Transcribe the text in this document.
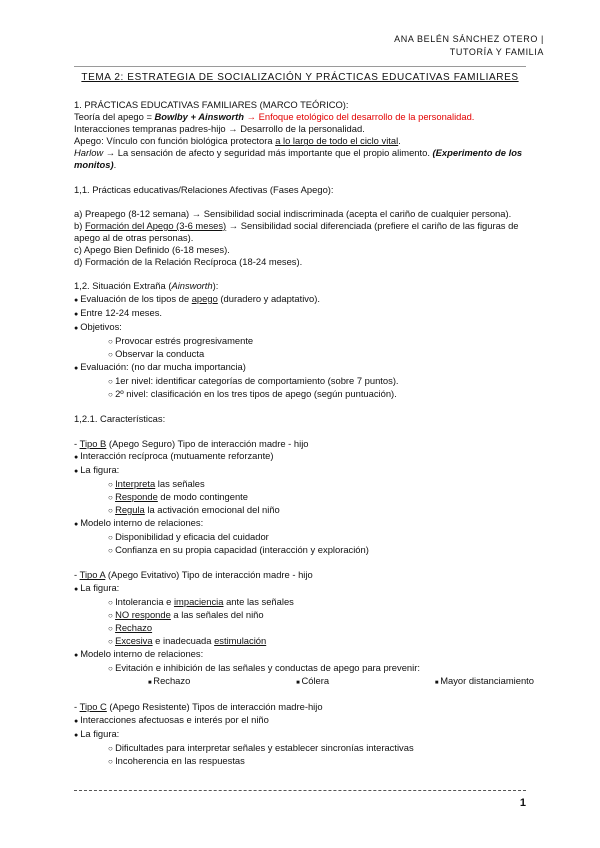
ANA BELÉN SÁNCHEZ OTERO |
TUTORÍA Y FAMILIA
TEMA 2: ESTRATEGIA DE SOCIALIZACIÓN Y PRÁCTICAS EDUCATIVAS FAMILIARES
1. PRÁCTICAS EDUCATIVAS FAMILIARES (MARCO TEÓRICO):
Teoría del apego = Bowlby + Ainsworth → Enfoque etológico del desarrollo de la personalidad.
Interacciones tempranas padres-hijo → Desarrollo de la personalidad.
Apego: Vínculo con función biológica protectora a lo largo de todo el ciclo vital.
Harlow → La sensación de afecto y seguridad más importante que el propio alimento. (Experimento de los monitos).
1,1. Prácticas educativas/Relaciones Afectivas (Fases Apego):
a) Preapego (8-12 semana) → Sensibilidad social indiscriminada (acepta el cariño de cualquier persona).
b) Formación del Apego (3-6 meses) → Sensibilidad social diferenciada (prefiere el cariño de las figuras de apego al de otras personas).
c) Apego Bien Definido (6-18 meses).
d) Formación de la Relación Recíproca (18-24 meses).
1,2. Situación Extraña (Ainsworth):
● Evaluación de los tipos de apego (duradero y adaptativo).
● Entre 12-24 meses.
● Objetivos:
○ Provocar estrés progresivamente
○ Observar la conducta
● Evaluación: (no dar mucha importancia)
○ 1er nivel: identificar categorías de comportamiento (sobre 7 puntos).
○ 2º nivel: clasificación en los tres tipos de apego (según puntuación).
1,2.1. Características:
- Tipo B (Apego Seguro) Tipo de interacción madre - hijo
● Interacción recíproca (mutuamente reforzante)
● La figura:
○ Interpreta las señales
○ Responde de modo contingente
○ Regula la activación emocional del niño
● Modelo interno de relaciones:
○ Disponibilidad y eficacia del cuidador
○ Confianza en su propia capacidad (interacción y exploración)
- Tipo A (Apego Evitativo) Tipo de interacción madre - hijo
● La figura:
○ Intolerancia e impaciencia ante las señales
○ NO responde a las señales del niño
○ Rechazo
○ Excesiva e inadecuada estimulación
● Modelo interno de relaciones:
○ Evitación e inhibición de las señales y conductas de apego para prevenir:
■ Rechazo	■ Cólera	■ Mayor distanciamiento
- Tipo C (Apego Resistente) Tipos de interacción madre-hijo
● Interacciones afectuosas e interés por el niño
● La figura:
○ Dificultades para interpretar señales y establecer sincronías interactivas
○ Incoherencia en las respuestas
1
